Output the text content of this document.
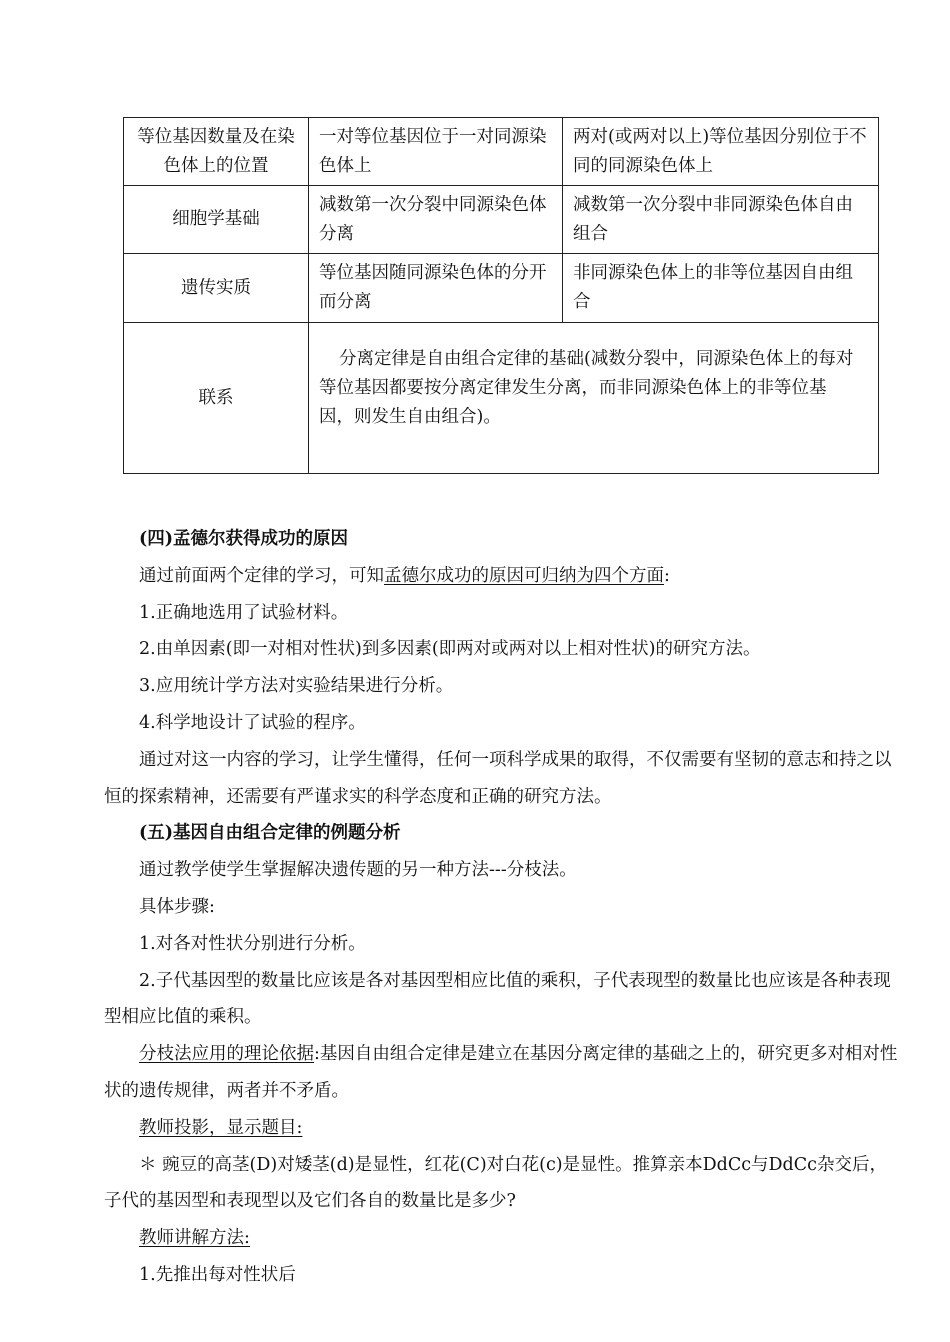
等位基因数量及在染色体上的位置	一对等位基因位于一对同源染色体上	两对(或两对以上)等位基因分别位于不同的同源染色体上
细胞学基础	减数第一次分裂中同源染色体分离	减数第一次分裂中非同源染色体自由组合
遗传实质	等位基因随同源染色体的分开而分离	非同源染色体上的非等位基因自由组合
联系	分离定律是自由组合定律的基础(减数分裂中，同源染色体上的每对等位基因都要按分离定律发生分离，而非同源染色体上的非等位基因，则发生自由组合)。	

(四)孟德尔获得成功的原因

通过前面两个定律的学习，可知孟德尔成功的原因可归纳为四个方面:

1.正确地选用了试验材料。

2.由单因素(即一对相对性状)到多因素(即两对或两对以上相对性状)的研究方法。

3.应用统计学方法对实验结果进行分析。

4.科学地设计了试验的程序。

通过对这一内容的学习，让学生懂得，任何一项科学成果的取得，不仅需要有坚韧的意志和持之以恒的探索精神，还需要有严谨求实的科学态度和正确的研究方法。

(五)基因自由组合定律的例题分析

通过教学使学生掌握解决遗传题的另一种方法---分枝法。

具体步骤:

1.对各对性状分别进行分析。

2.子代基因型的数量比应该是各对基因型相应比值的乘积，子代表现型的数量比也应该是各种表现型相应比值的乘积。

分枝法应用的理论依据:基因自由组合定律是建立在基因分离定律的基础之上的，研究更多对相对性状的遗传规律，两者并不矛盾。

教师投影，显示题目:

＊ 豌豆的高茎(D)对矮茎(d)是显性，红花(C)对白花(c)是显性。推算亲本DdCc与DdCc杂交后，子代的基因型和表现型以及它们各自的数量比是多少?

教师讲解方法:

1.先推出每对性状后
